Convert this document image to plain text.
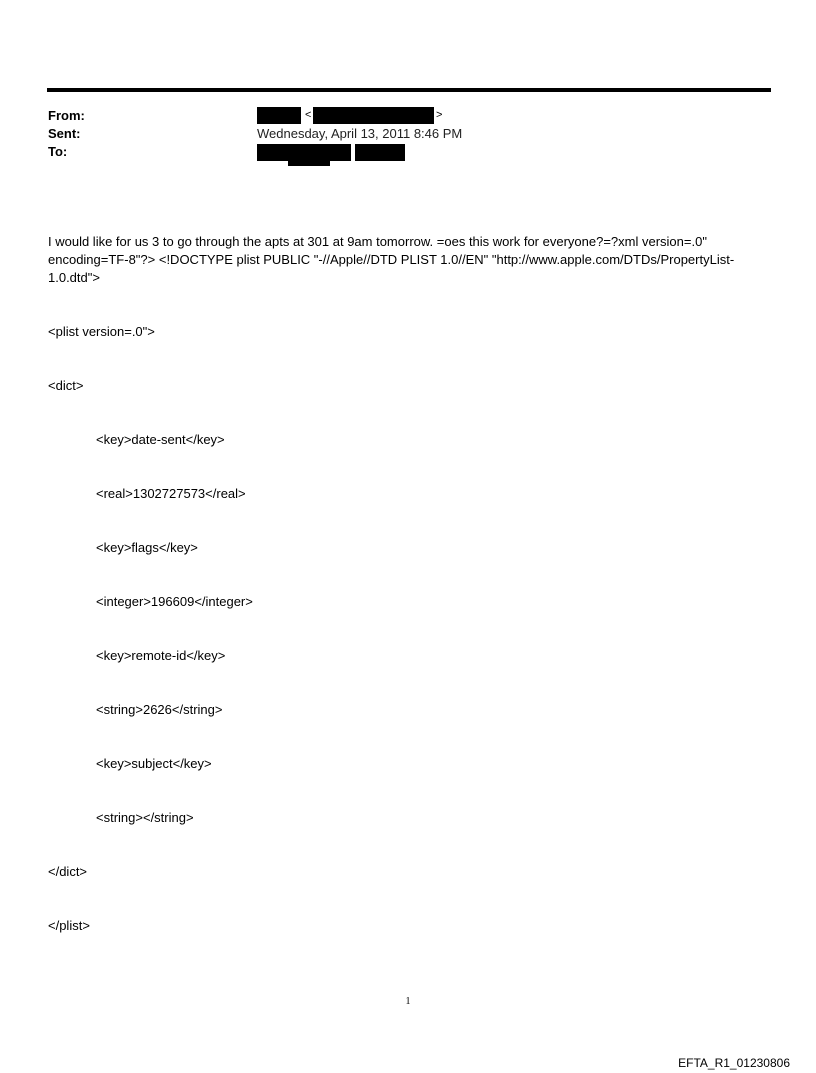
From:
Sent:
To:
<	>
Wednesday, April 13, 2011 8:46 PM

I would like for us 3 to go through the apts at 301 at 9am tomorrow. =oes this work for everyone?=?xml version=.0" encoding=TF-8"?> <!DOCTYPE plist PUBLIC "-//Apple//DTD PLIST 1.0//EN" "http://www.apple.com/DTDs/PropertyList-1.0.dtd">

<plist version=.0">

<dict>

<key>date-sent</key>

<real>1302727573</real>

<key>flags</key>

<integer>196609</integer>

<key>remote-id</key>

<string>2626</string>

<key>subject</key>

<string></string>

</dict>

</plist>

1
EFTA_R1_01230806
